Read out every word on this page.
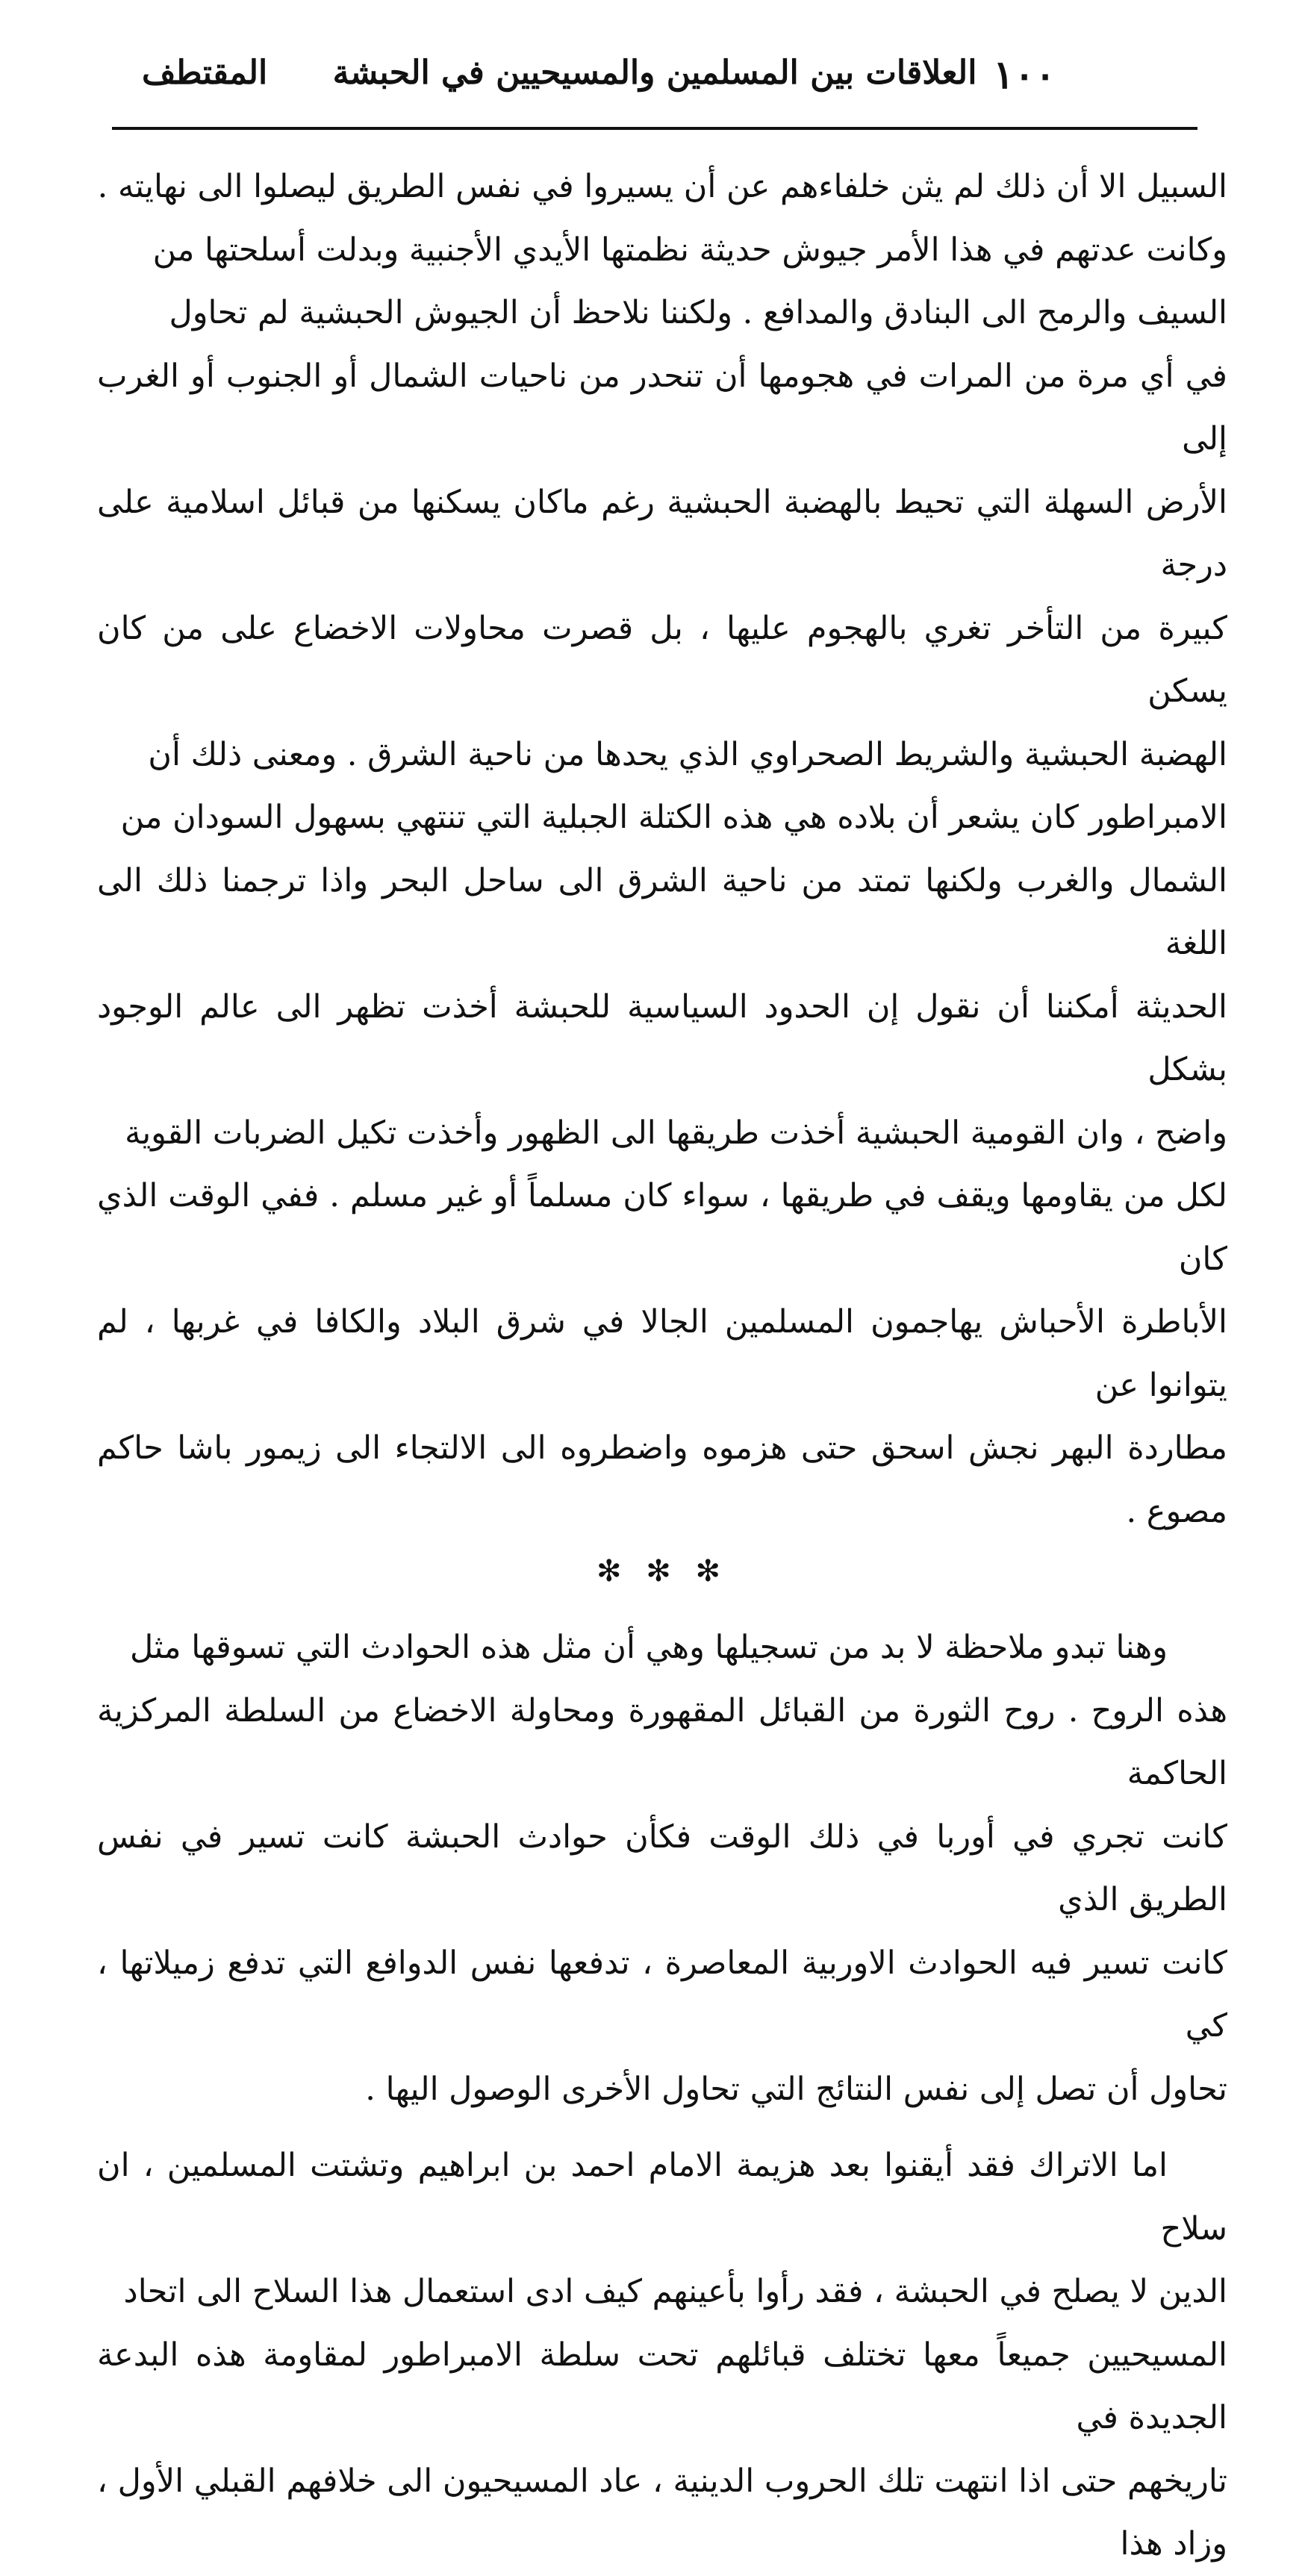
١٠٠
العلاقات بين المسلمين والمسيحيين في الحبشة
المقتطف

السبيل الا أن ذلك لم يثن خلفاءهم عن أن يسيروا في نفس الطريق ليصلوا الى نهايته .
وكانت عدتهم في هذا الأمر جيوش حديثة نظمتها الأيدي الأجنبية وبدلت أسلحتها من
السيف والرمح الى البنادق والمدافع . ولكننا نلاحظ أن الجيوش الحبشية لم تحاول
في أي مرة من المرات في هجومها أن تنحدر من ناحيات الشمال أو الجنوب أو الغرب إلى
الأرض السهلة التي تحيط بالهضبة الحبشية رغم ماكان يسكنها من قبائل اسلامية على درجة
كبيرة من التأخر تغري بالهجوم عليها ، بل قصرت محاولات الاخضاع على من كان يسكن
الهضبة الحبشية والشريط الصحراوي الذي يحدها من ناحية الشرق . ومعنى ذلك أن
الامبراطور كان يشعر أن بلاده هي هذه الكتلة الجبلية التي تنتهي بسهول السودان من
الشمال والغرب ولكنها تمتد من ناحية الشرق الى ساحل البحر واذا ترجمنا ذلك الى اللغة
الحديثة أمكننا أن نقول إن الحدود السياسية للحبشة أخذت تظهر الى عالم الوجود بشكل
واضح ، وان القومية الحبشية أخذت طريقها الى الظهور وأخذت تكيل الضربات القوية
لكل من يقاومها ويقف في طريقها ، سواء كان مسلماً أو غير مسلم . ففي الوقت الذي كان
الأباطرة الأحباش يهاجمون المسلمين الجالا في شرق البلاد والكافا في غربها ، لم يتوانوا عن
مطاردة البهر نجش اسحق حتى هزموه واضطروه الى الالتجاء الى زيمور باشا حاكم مصوع .

✻ ✻ ✻

وهنا تبدو ملاحظة لا بد من تسجيلها وهي أن مثل هذه الحوادث التي تسوقها مثل
هذه الروح . روح الثورة من القبائل المقهورة ومحاولة الاخضاع من السلطة المركزية الحاكمة
كانت تجري في أوربا في ذلك الوقت فكأن حوادث الحبشة كانت تسير في نفس الطريق الذي
كانت تسير فيه الحوادث الاوربية المعاصرة ، تدفعها نفس الدوافع التي تدفع زميلاتها ، كي
تحاول أن تصل إلى نفس النتائج التي تحاول الأخرى الوصول اليها .

اما الاتراك فقد أيقنوا بعد هزيمة الامام احمد بن ابراهيم وتشتت المسلمين ، ان سلاح
الدين لا يصلح في الحبشة ، فقد رأوا بأعينهم كيف ادى استعمال هذا السلاح الى اتحاد
المسيحيين جميعاً معها تختلف قبائلهم تحت سلطة الامبراطور لمقاومة هذه البدعة الجديدة في
تاريخهم حتى اذا انتهت تلك الحروب الدينية ، عاد المسيحيون الى خلافهم القبلي الأول ، وزاد هذا
